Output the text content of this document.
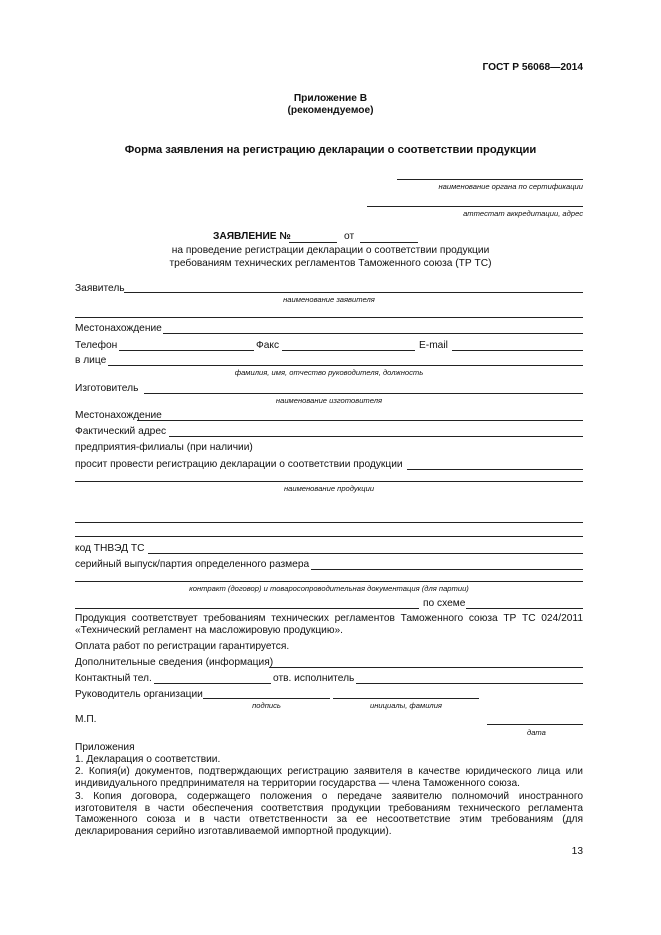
ГОСТ Р 56068—2014
Приложение В
(рекомендуемое)
Форма заявления на регистрацию декларации о соответствии продукции
наименование органа по сертификации
аттестат аккредитации, адрес
ЗАЯВЛЕНИЕ №	от
на проведение регистрации декларации о соответствии продукции
требованиям технических регламентов Таможенного союза (ТР ТС)
Заявитель
наименование заявителя
Местонахождение
Телефон	Факс	E-mail
в лице
фамилия, имя, отчество руководителя, должность
Изготовитель
наименование изготовителя
Местонахождение
Фактический адрес
предприятия-филиалы (при наличии)
просит провести регистрацию декларации о соответствии продукции
наименование продукции
код ТНВЭД ТС
серийный выпуск/партия определенного размера
контракт (договор) и товаросопроводительная документация (для партии)
по схеме
Продукция соответствует требованиям технических регламентов Таможенного союза ТР ТС 024/2011 «Технический регламент на масложировую продукцию».
Оплата работ по регистрации гарантируется.
Дополнительные сведения (информация)
Контактный тел.	отв. исполнитель
Руководитель организации
подпись	инициалы, фамилия
М.П.
дата
Приложения
1. Декларация о соответствии.
2. Копия(и) документов, подтверждающих регистрацию заявителя в качестве юридического лица или индивидуального предпринимателя на территории государства — члена Таможенного союза.
3. Копия договора, содержащего положения о передаче заявителю полномочий иностранного изготовителя в части обеспечения соответствия продукции требованиям технического регламента Таможенного союза и в части ответственности за ее несоответствие этим требованиям (для декларирования серийно изготавливаемой импортной продукции).
13
